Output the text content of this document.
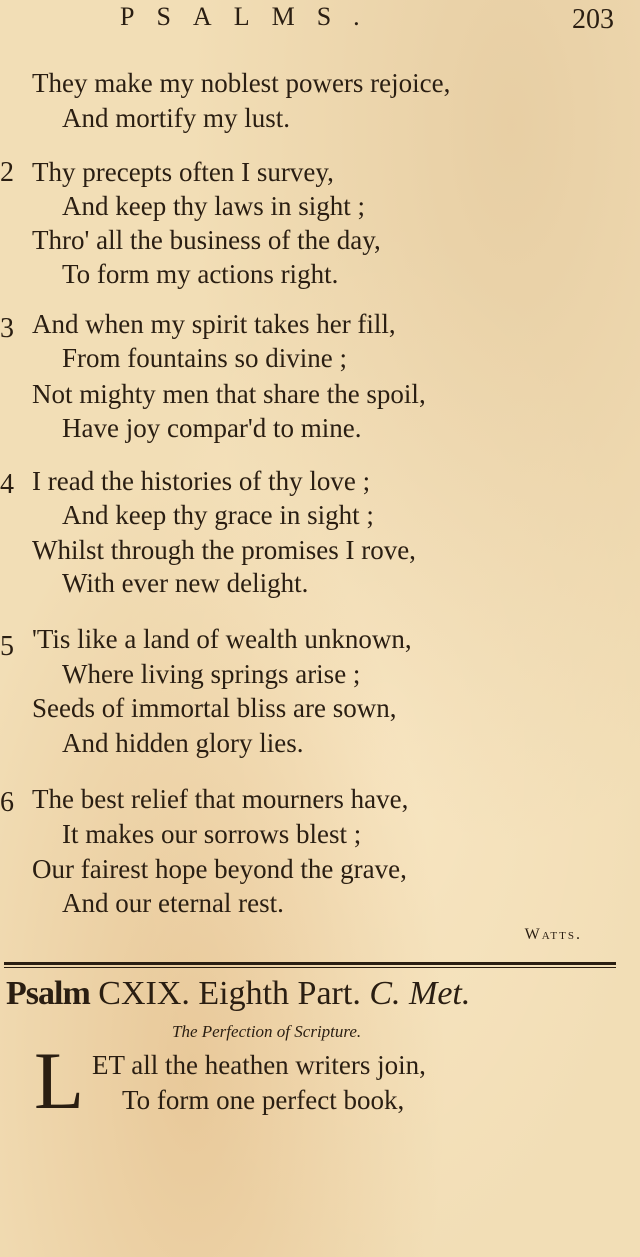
PSALMS.	203
They make my noblest powers rejoice,
And mortify my lust.
2 Thy precepts often I survey,
And keep thy laws in sight ;
Thro' all the business of the day,
To form my actions right.
3 And when my spirit takes her fill,
From fountains so divine ;
Not mighty men that share the spoil,
Have joy compar'd to mine.
4 I read the histories of thy love ;
And keep thy grace in sight ;
Whilst through the promises I rove,
With ever new delight.
5 'Tis like a land of wealth unknown,
Where living springs arise ;
Seeds of immortal bliss are sown,
And hidden glory lies.
6 The best relief that mourners have,
It makes our sorrows blest ;
Our fairest hope beyond the grave,
And our eternal rest.
Watts.
Psalm CXIX. Eighth Part. C. Met.
The Perfection of Scripture.
L ET all the heathen writers join,
To form one perfect book,
